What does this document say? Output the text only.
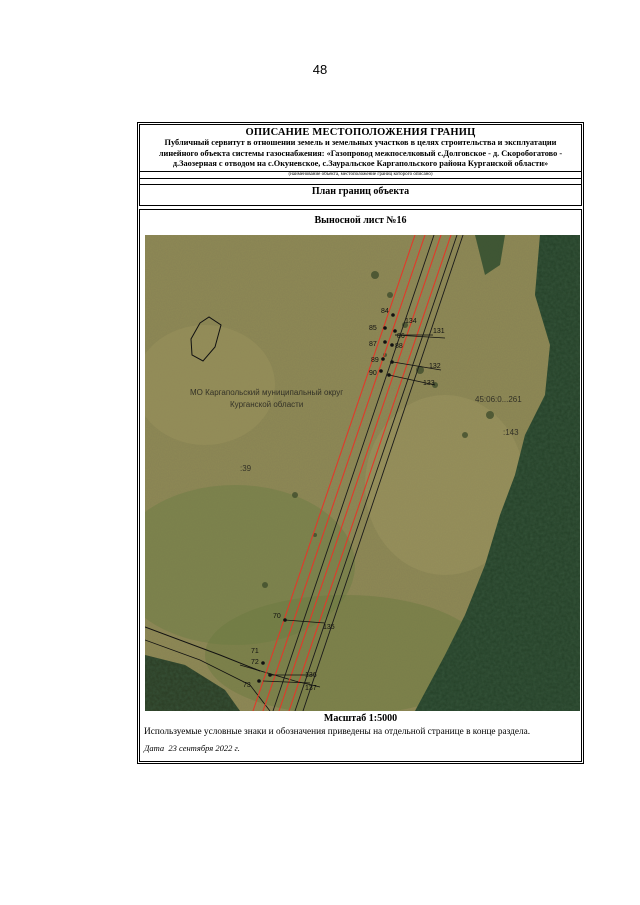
48
ОПИСАНИЕ МЕСТОПОЛОЖЕНИЯ ГРАНИЦ
Публичный сервитут в отношении земель и земельных участков в целях строительства и эксплуатации линейного объекта системы газоснабжения: «Газопровод межпоселковый с.Долговское - д. Скоробогатово - д.Заозерная с отводом на с.Окуневское, с.Зауральское Каргапольского района Курганской области»
(наименование объекта, местоположение границ которого описано)
План границ объекта
Выносной лист №16
84
85
86
87	88
89
90
131
132
133
134
70
71
72
73
135
136
137
МО Каргапольский муниципальный округ
Курганской области
45:06:0...261
:39
:143
Масштаб 1:5000
Используемые условные знаки и обозначения приведены на отдельной странице в конце раздела.
Дата 23 сентября 2022 г.
